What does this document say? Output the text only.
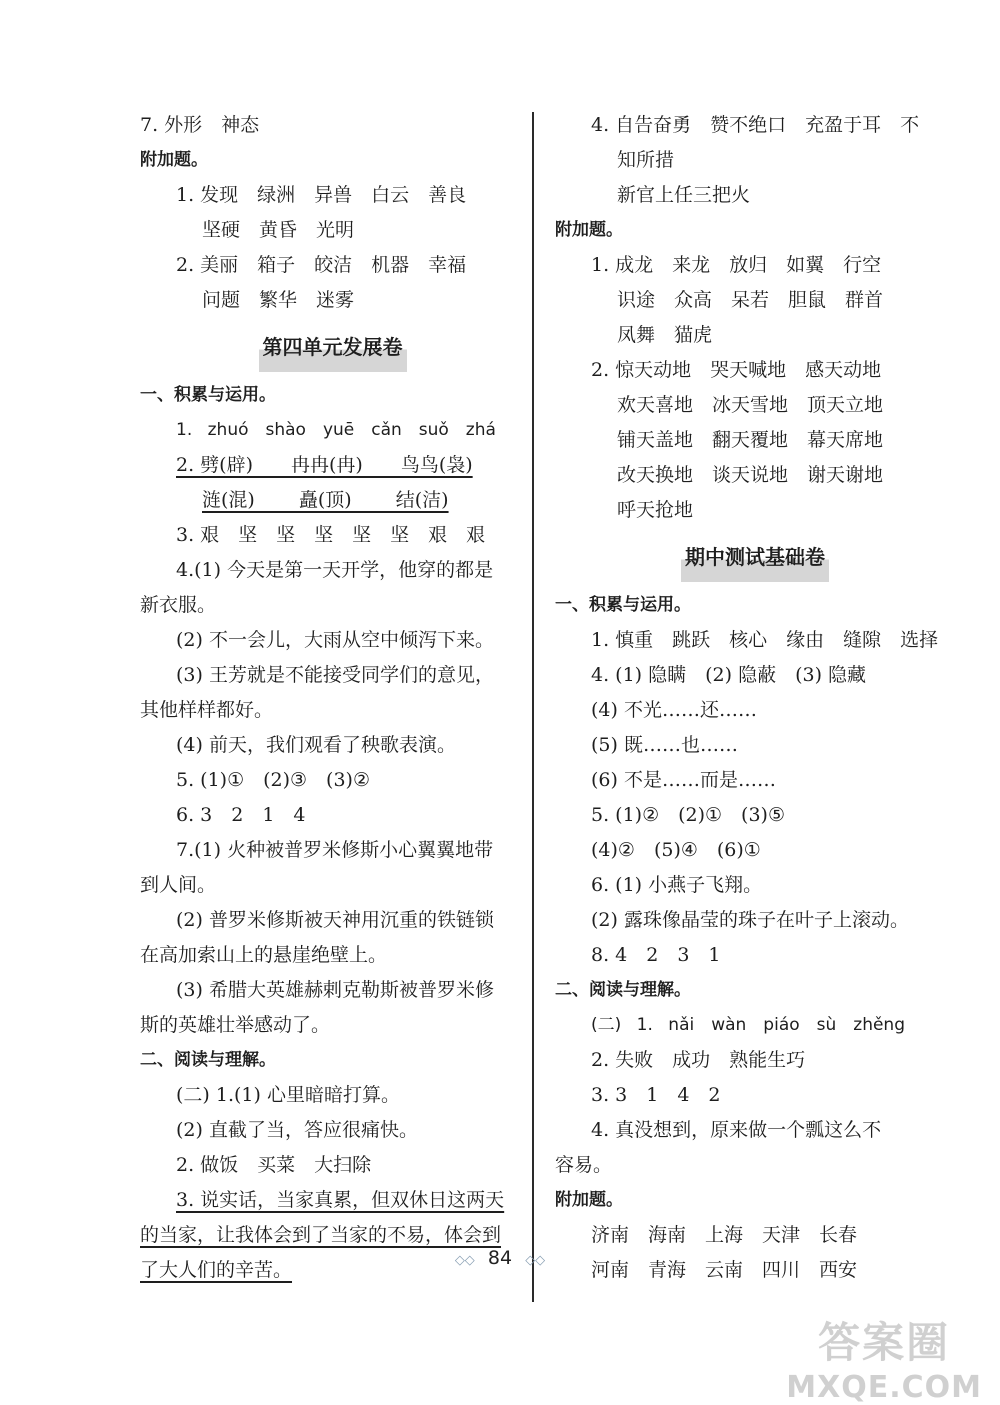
7. 外形　神态
附加题。
1. 发现　绿洲　异兽　白云　善良
坚硬　黄昏　光明
2. 美丽　箱子　皎洁　机器　幸福
问题　繁华　迷雾
第四单元发展卷
一、积累与运用。
1. zhuó　shào　yuē　cǎn　suǒ　zhá
2. 劈(辟)　　冉冉(冉)　　鸟鸟(袅)
涟(混)　　 矗(顶)　　 结(洁)
3. 艰　坚　坚　坚　坚　坚　艰　艰
4.(1) 今天是第一天开学，他穿的都是
新衣服。
(2) 不一会儿，大雨从空中倾泻下来。
(3) 王芳就是不能接受同学们的意见，
其他样样都好。
(4) 前天，我们观看了秧歌表演。
5. (1)①　(2)③　(3)②
6. 3　2　1　4
7.(1) 火种被普罗米修斯小心翼翼地带
到人间。
(2) 普罗米修斯被天神用沉重的铁链锁
在高加索山上的悬崖绝壁上。
(3) 希腊大英雄赫剌克勒斯被普罗米修
斯的英雄壮举感动了。
二、阅读与理解。
(二) 1.(1) 心里暗暗打算。
(2) 直截了当，答应很痛快。
2. 做饭　买菜　大扫除
3. 说实话，当家真累，但双休日这两天
的当家，让我体会到了当家的不易，体会到
了大人们的辛苦。
4. 自告奋勇　赞不绝口　充盈于耳　不
知所措
新官上任三把火
附加题。
1. 成龙　来龙　放归　如翼　行空
识途　众高　呆若　胆鼠　群首
凤舞　猫虎
2. 惊天动地　哭天喊地　感天动地
欢天喜地　冰天雪地　顶天立地
铺天盖地　翻天覆地　幕天席地
改天换地　谈天说地　谢天谢地
呼天抢地
期中测试基础卷
一、积累与运用。
1. 慎重　跳跃　核心　缘由　缝隙　选择
4. (1) 隐瞒　(2) 隐蔽　(3) 隐藏
(4) 不光……还……
(5) 既……也……
(6) 不是……而是……
5. (1)②　(2)①　(3)⑤
(4)②　(5)④　(6)①
6. (1) 小燕子飞翔。
(2) 露珠像晶莹的珠子在叶子上滚动。
8. 4　2　3　1
二、阅读与理解。
(二) 1. nǎi　wàn　piáo　sù　zhěng
2. 失败　成功　熟能生巧
3. 3　1　4　2
4. 真没想到，原来做一个瓢这么不
容易。
附加题。
济南　海南　上海　天津　长春
河南　青海　云南　四川　西安
◇◇ 84 ◇◇
答案圈
MXQE.COM
